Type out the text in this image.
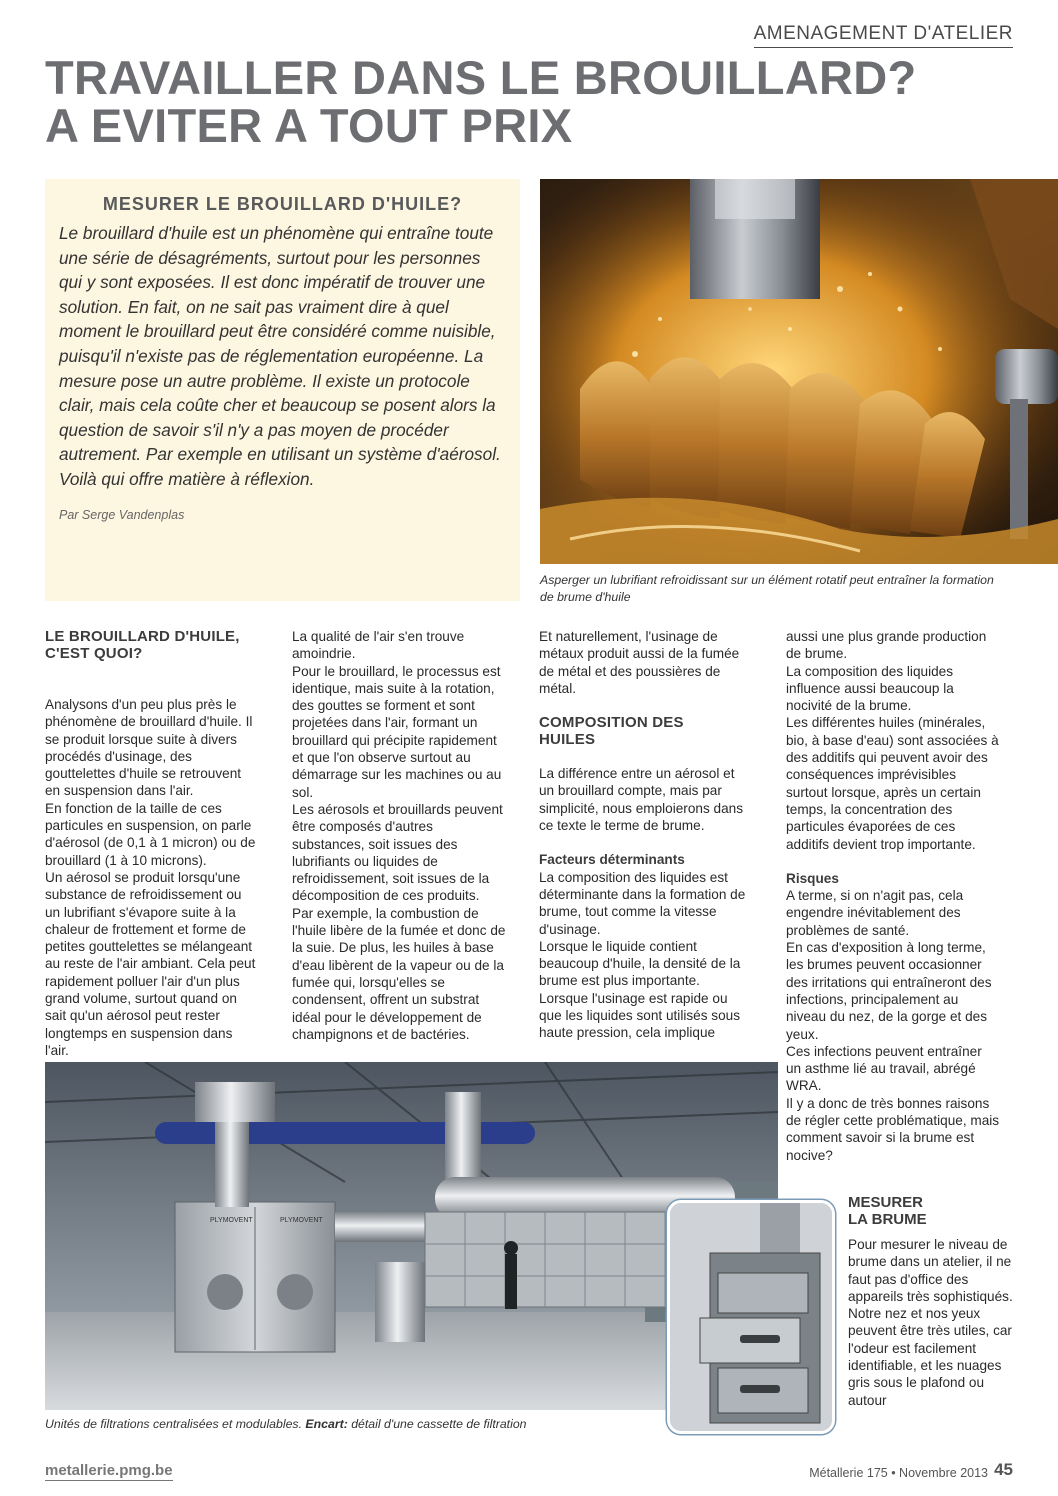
AMENAGEMENT D'ATELIER
TRAVAILLER DANS LE BROUILLARD?
A EVITER A TOUT PRIX
MESURER LE BROUILLARD D'HUILE?

Le brouillard d'huile est un phénomène qui entraîne toute une série de désagréments, surtout pour les personnes qui y sont exposées. Il est donc impératif de trouver une solution. En fait, on ne sait pas vraiment dire à quel moment le brouillard peut être considéré comme nuisible, puisqu'il n'existe pas de réglementation européenne. La mesure pose un autre problème. Il existe un protocole clair, mais cela coûte cher et beaucoup se posent alors la question de savoir s'il n'y a pas moyen de procéder autrement. Par exemple en utilisant un système d'aérosol. Voilà qui offre matière à réflexion.

Par Serge Vandenplas

Asperger un lubrifiant refroidissant sur un élément rotatif peut entraîner la formation de brume d'huile

LE BROUILLARD D'HUILE, C'EST QUOI?

Analysons d'un peu plus près le phénomène de brouillard d'huile. Il se produit lorsque suite à divers procédés d'usinage, des gouttelettes d'huile se retrouvent en suspension dans l'air.

En fonction de la taille de ces particules en suspension, on parle d'aérosol (de 0,1 à 1 micron) ou de brouillard (1 à 10 microns).

Un aérosol se produit lorsqu'une substance de refroidissement ou un lubrifiant s'évapore suite à la chaleur de frottement et forme de petites gouttelettes se mélangeant au reste de l'air ambiant. Cela peut rapidement polluer l'air d'un plus grand volume, surtout quand on sait qu'un aérosol peut rester longtemps en suspension dans l'air.

La qualité de l'air s'en trouve amoindrie.

Pour le brouillard, le processus est identique, mais suite à la rotation, des gouttes se forment et sont projetées dans l'air, formant un brouillard qui précipite rapidement et que l'on observe surtout au démarrage sur les machines ou au sol.

Les aérosols et brouillards peuvent être composés d'autres substances, soit issues des lubrifiants ou liquides de refroidissement, soit issues de la décomposition de ces produits.

Par exemple, la combustion de l'huile libère de la fumée et donc de la suie. De plus, les huiles à base d'eau libèrent de la vapeur ou de la fumée qui, lorsqu'elles se condensent, offrent un substrat idéal pour le développement de champignons et de bactéries.

Et naturellement, l'usinage de métaux produit aussi de la fumée de métal et des poussières de métal.

COMPOSITION DES HUILES

La différence entre un aérosol et un brouillard compte, mais par simplicité, nous emploierons dans ce texte le terme de brume.

Facteurs déterminants

La composition des liquides est déterminante dans la formation de brume, tout comme la vitesse d'usinage.

Lorsque le liquide contient beaucoup d'huile, la densité de la brume est plus importante.

Lorsque l'usinage est rapide ou que les liquides sont utilisés sous haute pression, cela implique

aussi une plus grande production de brume.

La composition des liquides influence aussi beaucoup la nocivité de la brume.

Les différentes huiles (minérales, bio, à base d'eau) sont associées à des additifs qui peuvent avoir des conséquences imprévisibles surtout lorsque, après un certain temps, la concentration des particules évaporées de ces additifs devient trop importante.

Risques

A terme, si on n'agit pas, cela engendre inévitablement des problèmes de santé.

En cas d'exposition à long terme, les brumes peuvent occasionner des irritations qui entraîneront des infections, principalement au niveau du nez, de la gorge et des yeux.

Ces infections peuvent entraîner un asthme lié au travail, abrégé WRA.

Il y a donc de très bonnes raisons de régler cette problématique, mais comment savoir si la brume est nocive?

PLYMOVENT	PLYMOVENT

Unités de filtrations centralisées et modulables. Encart: détail d'une cassette de filtration

MESURER
LA BRUME

Pour mesurer le niveau de brume dans un atelier, il ne faut pas d'office des appareils très sophistiqués. Notre nez et nos yeux peuvent être très utiles, car l'odeur est facilement identifiable, et les nuages gris sous le plafond ou autour

metallerie.pmg.be	Métallerie 175 • Novembre 2013 45
